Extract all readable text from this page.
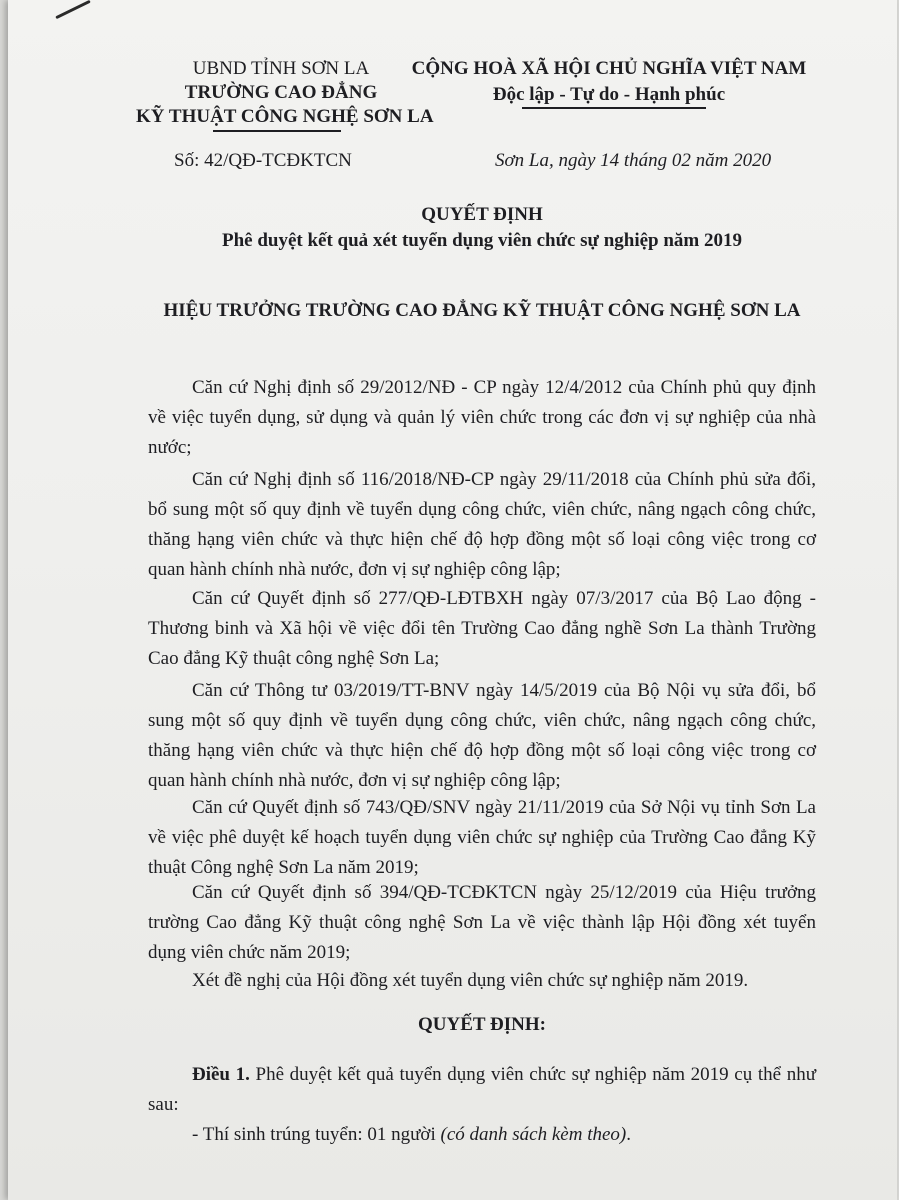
UBND TỈNH SƠN LA
TRƯỜNG CAO ĐẲNG
KỸ THUẬT CÔNG NGHỆ SƠN LA
CỘNG HOÀ XÃ HỘI CHỦ NGHĨA VIỆT NAM
Độc lập - Tự do - Hạnh phúc
Số: 42/QĐ-TCĐKTCN	Sơn La, ngày 14 tháng 02 năm 2020
QUYẾT ĐỊNH
Phê duyệt kết quả xét tuyển dụng viên chức sự nghiệp năm 2019
HIỆU TRƯỞNG TRƯỜNG CAO ĐẲNG KỸ THUẬT CÔNG NGHỆ SƠN LA
Căn cứ Nghị định số 29/2012/NĐ - CP ngày 12/4/2012 của Chính phủ quy định về việc tuyển dụng, sử dụng và quản lý viên chức trong các đơn vị sự nghiệp của nhà nước;
Căn cứ Nghị định số 116/2018/NĐ-CP ngày 29/11/2018 của Chính phủ sửa đổi, bổ sung một số quy định về tuyển dụng công chức, viên chức, nâng ngạch công chức, thăng hạng viên chức và thực hiện chế độ hợp đồng một số loại công việc trong cơ quan hành chính nhà nước, đơn vị sự nghiệp công lập;
Căn cứ Quyết định số 277/QĐ-LĐTBXH ngày 07/3/2017 của Bộ Lao động - Thương binh và Xã hội về việc đổi tên Trường Cao đẳng nghề Sơn La thành Trường Cao đẳng Kỹ thuật công nghệ Sơn La;
Căn cứ Thông tư 03/2019/TT-BNV ngày 14/5/2019 của Bộ Nội vụ sửa đổi, bổ sung một số quy định về tuyển dụng công chức, viên chức, nâng ngạch công chức, thăng hạng viên chức và thực hiện chế độ hợp đồng một số loại công việc trong cơ quan hành chính nhà nước, đơn vị sự nghiệp công lập;
Căn cứ Quyết định số 743/QĐ/SNV ngày 21/11/2019 của Sở Nội vụ tỉnh Sơn La về việc phê duyệt kế hoạch tuyển dụng viên chức sự nghiệp của Trường Cao đẳng Kỹ thuật Công nghệ Sơn La năm 2019;
Căn cứ Quyết định số 394/QĐ-TCĐKTCN ngày 25/12/2019 của Hiệu trưởng trường Cao đẳng Kỹ thuật công nghệ Sơn La về việc thành lập Hội đồng xét tuyển dụng viên chức năm 2019;
Xét đề nghị của Hội đồng xét tuyển dụng viên chức sự nghiệp năm 2019.
QUYẾT ĐỊNH:
Điều 1. Phê duyệt kết quả tuyển dụng viên chức sự nghiệp năm 2019 cụ thể như sau:
- Thí sinh trúng tuyển: 01 người (có danh sách kèm theo).
